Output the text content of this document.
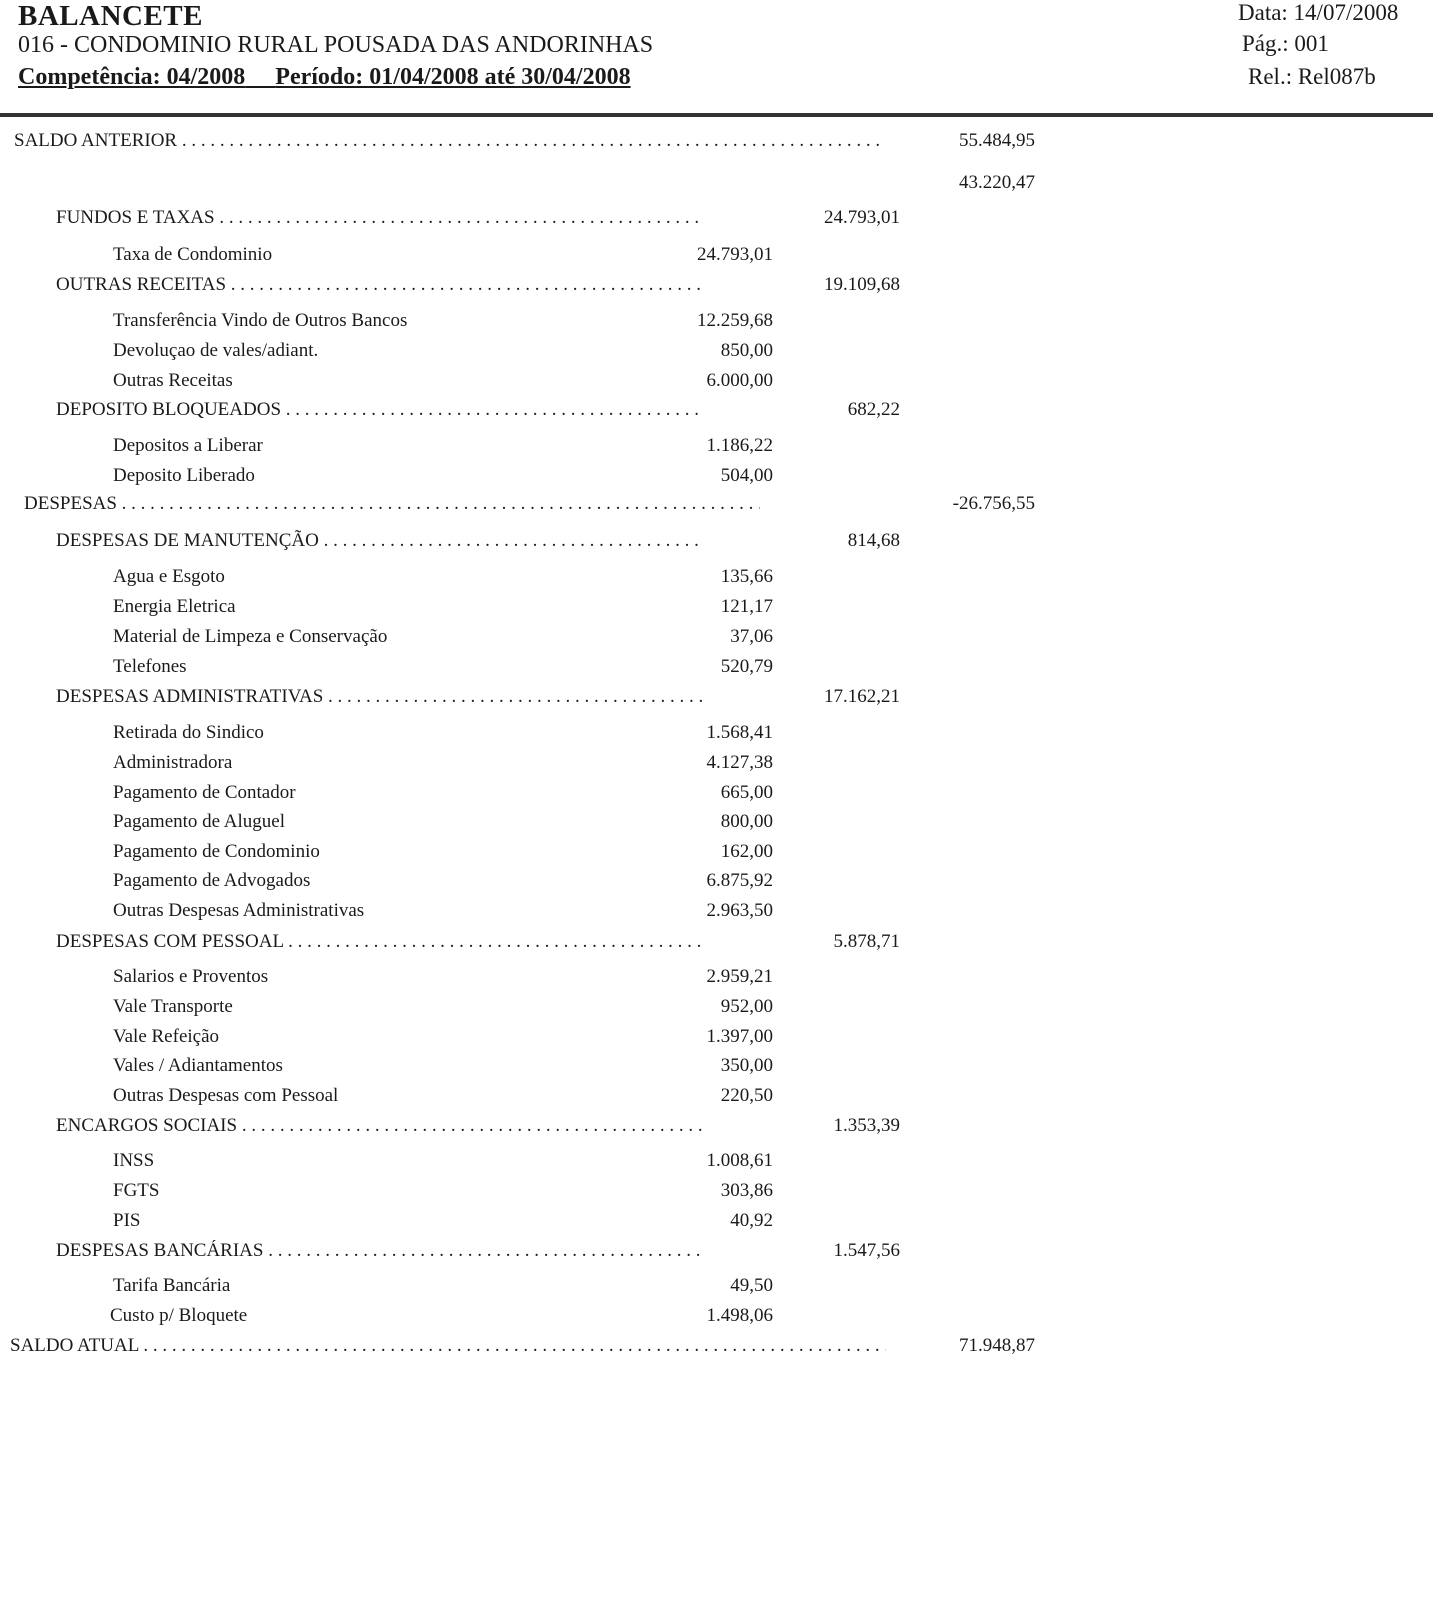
BALANCETE
016 - CONDOMINIO RURAL POUSADA DAS ANDORINHAS
Competência: 04/2008 Período: 01/04/2008 até 30/04/2008
Data: 14/07/2008
Pág.: 001
Rel.: Rel087b
SALDO ANTERIOR . . .	55.484,95
43.220,47
FUNDOS E TAXAS . . .	24.793,01
Taxa de Condominio	24.793,01
OUTRAS RECEITAS . . .	19.109,68
Transferência Vindo de Outros Bancos	12.259,68
Devoluçao de vales/adiant.	850,00
Outras Receitas	6.000,00
DEPOSITO BLOQUEADOS . . .	682,22
Depositos a Liberar	1.186,22
Deposito Liberado	504,00
DESPESAS . . .	-26.756,55
DESPESAS DE MANUTENÇÃO . . .	814,68
Agua e Esgoto	135,66
Energia Eletrica	121,17
Material de Limpeza e Conservação	37,06
Telefones	520,79
DESPESAS ADMINISTRATIVAS . . .	17.162,21
Retirada do Sindico	1.568,41
Administradora	4.127,38
Pagamento de Contador	665,00
Pagamento de Aluguel	800,00
Pagamento de Condominio	162,00
Pagamento de Advogados	6.875,92
Outras Despesas Administrativas	2.963,50
DESPESAS COM PESSOAL . . .	5.878,71
Salarios e Proventos	2.959,21
Vale Transporte	952,00
Vale Refeição	1.397,00
Vales / Adiantamentos	350,00
Outras Despesas com Pessoal	220,50
ENCARGOS SOCIAIS . . .	1.353,39
INSS	1.008,61
FGTS	303,86
PIS	40,92
DESPESAS BANCÁRIAS . . .	1.547,56
Tarifa Bancária	49,50
Custo p/ Bloquete	1.498,06
SALDO ATUAL . . .	71.948,87
